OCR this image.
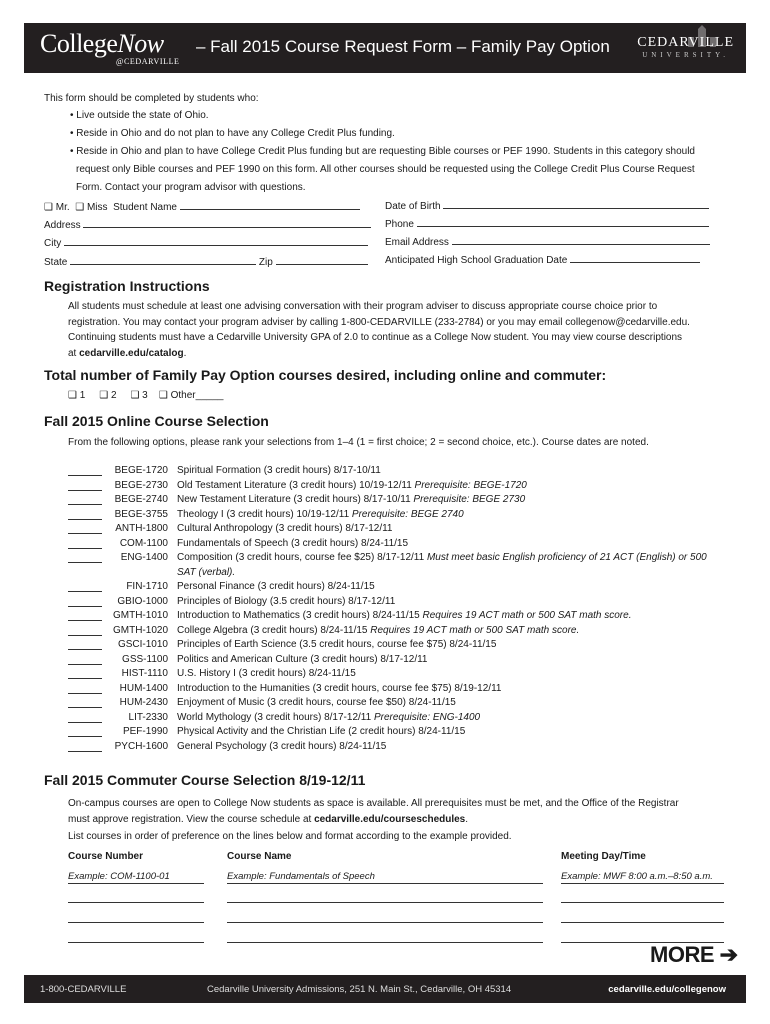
CollegeNow
@CEDARVILLE
– Fall 2015 Course Request Form – Family Pay Option CEDARVILLE
UNIVERSITY.
This form should be completed by students who:
• Live outside the state of Ohio.
• Reside in Ohio and do not plan to have any College Credit Plus funding.
• Reside in Ohio and plan to have College Credit Plus funding but are requesting Bible courses or PEF 1990. Students in this category should
request only Bible courses and PEF 1990 on this form. All other courses should be requested using the College Credit Plus Course Request
Form. Contact your program advisor with questions.
❑ Mr. ❑ Miss Student Name
Address
City
State	Zip
Date of Birth
Phone
Email Address
Anticipated High School Graduation Date
Registration Instructions
All students must schedule at least one advising conversation with their program adviser to discuss appropriate course choice prior to
registration. You may contact your program adviser by calling 1-800-CEDARVILLE (233-2784) or you may email collegenow@cedarville.edu.
Continuing students must have a Cedarville University GPA of 2.0 to continue as a College Now student. You may view course descriptions
at cedarville.edu/catalog.
Total number of Family Pay Option courses desired, including online and commuter:
❑ 1 ❑ 2 ❑ 3 ❑ Other_____
Fall 2015 Online Course Selection
From the following options, please rank your selections from 1–4 (1 = first choice; 2 = second choice, etc.). Course dates are noted.
BEGE-1720 Spiritual Formation (3 credit hours) 8/17-10/11
BEGE-2730 Old Testament Literature (3 credit hours) 10/19-12/11 Prerequisite: BEGE-1720
BEGE-2740 New Testament Literature (3 credit hours) 8/17-10/11 Prerequisite: BEGE 2730
BEGE-3755 Theology I (3 credit hours) 10/19-12/11 Prerequisite: BEGE 2740
ANTH-1800 Cultural Anthropology (3 credit hours) 8/17-12/11
COM-1100 Fundamentals of Speech (3 credit hours) 8/24-11/15
ENG-1400 Composition (3 credit hours, course fee $25) 8/17-12/11 Must meet basic English proficiency of 21 ACT (English) or 500
SAT (verbal).
FIN-1710 Personal Finance (3 credit hours) 8/24-11/15
GBIO-1000 Principles of Biology (3.5 credit hours) 8/17-12/11
GMTH-1010 Introduction to Mathematics (3 credit hours) 8/24-11/15 Requires 19 ACT math or 500 SAT math score.
GMTH-1020 College Algebra (3 credit hours) 8/24-11/15 Requires 19 ACT math or 500 SAT math score.
GSCI-1010 Principles of Earth Science (3.5 credit hours, course fee $75) 8/24-11/15
GSS-1100 Politics and American Culture (3 credit hours) 8/17-12/11
HIST-1110 U.S. History I (3 credit hours) 8/24-11/15
HUM-1400 Introduction to the Humanities (3 credit hours, course fee $75) 8/19-12/11
HUM-2430 Enjoyment of Music (3 credit hours, course fee $50) 8/24-11/15
LIT-2330 World Mythology (3 credit hours) 8/17-12/11 Prerequisite: ENG-1400
PEF-1990 Physical Activity and the Christian Life (2 credit hours) 8/24-11/15
PYCH-1600 General Psychology (3 credit hours) 8/24-11/15
Fall 2015 Commuter Course Selection 8/19-12/11
On-campus courses are open to College Now students as space is available. All prerequisites must be met, and the Office of the Registrar
must approve registration. View the course schedule at cedarville.edu/courseschedules.
List courses in order of preference on the lines below and format according to the example provided.
Course Number	Course Name	Meeting Day/Time
Example: COM-1100-01	Example: Fundamentals of Speech	Example: MWF 8:00 a.m.–8:50 a.m.
MORE ➔
1-800-CEDARVILLE	Cedarville University Admissions, 251 N. Main St., Cedarville, OH 45314	cedarville.edu/collegenow
